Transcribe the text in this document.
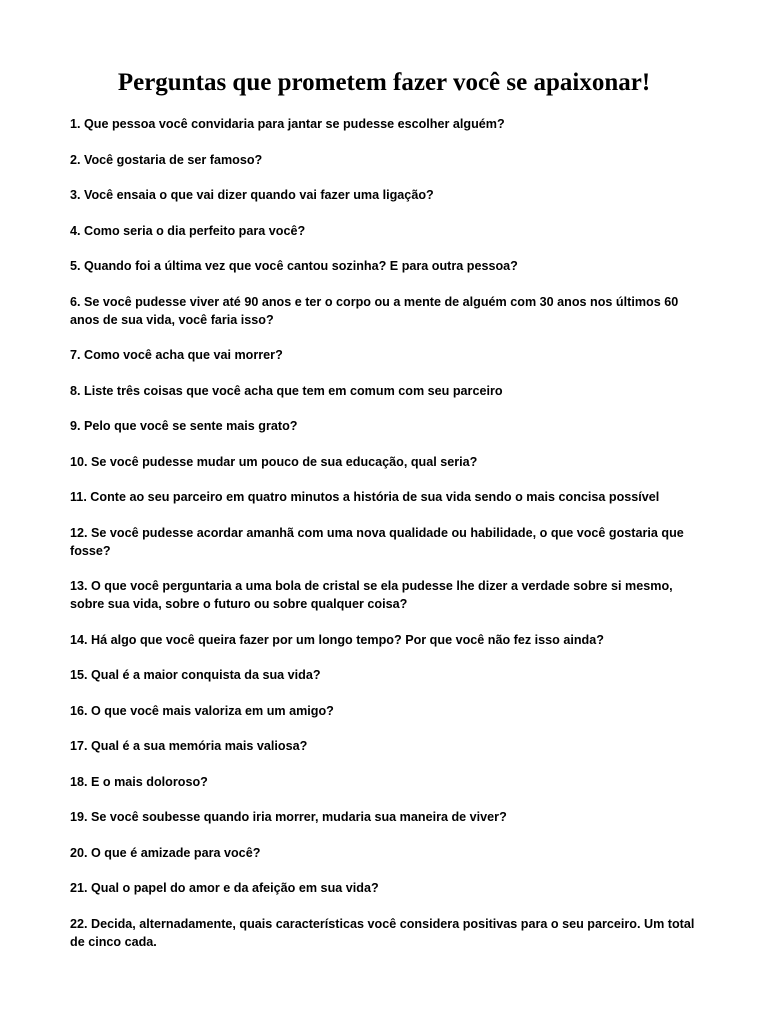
Perguntas que prometem fazer você se apaixonar!
1. Que pessoa você convidaria para jantar se pudesse escolher alguém?
2. Você gostaria de ser famoso?
3. Você ensaia o que vai dizer quando vai fazer uma ligação?
4. Como seria o dia perfeito para você?
5. Quando foi a última vez que você cantou sozinha? E para outra pessoa?
6. Se você pudesse viver até 90 anos e ter o corpo ou a mente de alguém com 30 anos nos últimos 60 anos de sua vida, você faria isso?
7. Como você acha que vai morrer?
8. Liste três coisas que você acha que tem em comum com seu parceiro
9. Pelo que você se sente mais grato?
10. Se você pudesse mudar um pouco de sua educação, qual seria?
11. Conte ao seu parceiro em quatro minutos a história de sua vida sendo o mais concisa possível
12. Se você pudesse acordar amanhã com uma nova qualidade ou habilidade, o que você gostaria que fosse?
13. O que você perguntaria a uma bola de cristal se ela pudesse lhe dizer a verdade sobre si mesmo, sobre sua vida, sobre o futuro ou sobre qualquer coisa?
14. Há algo que você queira fazer por um longo tempo? Por que você não fez isso ainda?
15. Qual é a maior conquista da sua vida?
16. O que você mais valoriza em um amigo?
17. Qual é a sua memória mais valiosa?
18. E o mais doloroso?
19. Se você soubesse quando iria morrer, mudaria sua maneira de viver?
20. O que é amizade para você?
21. Qual o papel do amor e da afeição em sua vida?
22. Decida, alternadamente, quais características você considera positivas para o seu parceiro. Um total de cinco cada.
